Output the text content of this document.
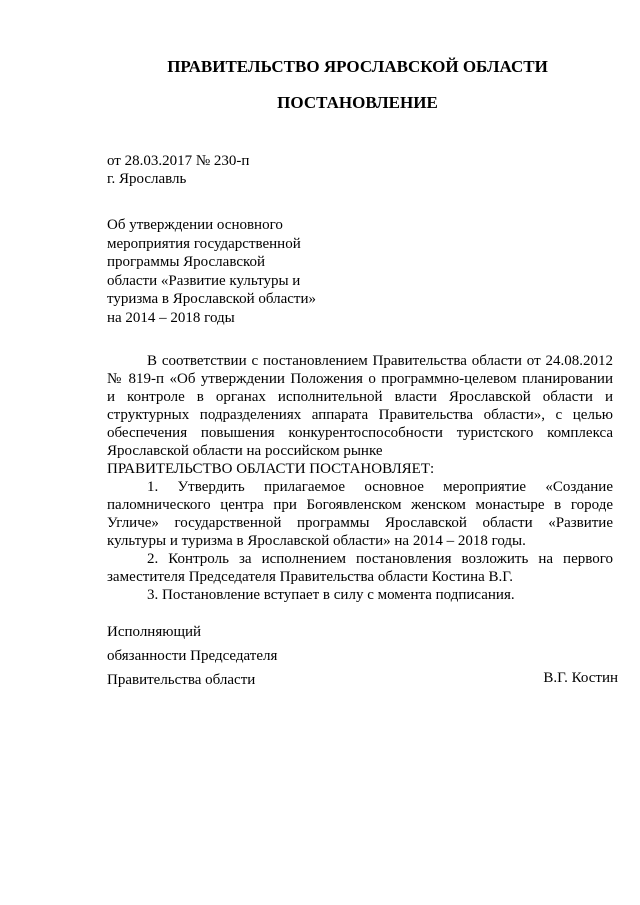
ПРАВИТЕЛЬСТВО ЯРОСЛАВСКОЙ ОБЛАСТИ
ПОСТАНОВЛЕНИЕ
от 28.03.2017 № 230-п
г. Ярославль
Об утверждении основного
мероприятия государственной
программы Ярославской
области «Развитие культуры и
туризма в Ярославской области»
на 2014 – 2018 годы
В соответствии с постановлением Правительства области от 24.08.2012
№ 819-п «Об утверждении Положения о программно-целевом планировании
и контроле в органах исполнительной власти Ярославской области и
структурных подразделениях аппарата Правительства области», с целью
обеспечения повышения конкурентоспособности туристского комплекса
Ярославской области на российском рынке
ПРАВИТЕЛЬСТВО ОБЛАСТИ ПОСТАНОВЛЯЕТ:
1. Утвердить прилагаемое основное мероприятие «Создание
паломнического центра при Богоявленском женском монастыре в городе
Угличе» государственной программы Ярославской области «Развитие
культуры и туризма в Ярославской области» на 2014 – 2018 годы.
2. Контроль за исполнением постановления возложить на первого
заместителя Председателя Правительства области Костина В.Г.
3. Постановление вступает в силу с момента подписания.
Исполняющий
обязанности Председателя
Правительства области	В.Г. Костин
